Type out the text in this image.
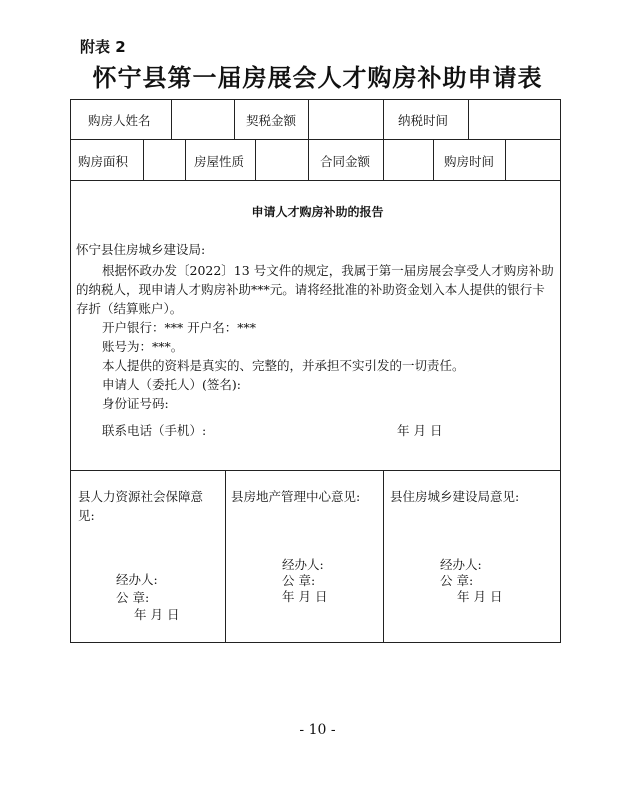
附表 2
怀宁县第一届房展会人才购房补助申请表
购房人姓名	契税金额	纳税时间
购房面积	房屋性质	合同金额	购房时间
申请人才购房补助的报告
怀宁县住房城乡建设局:
根据怀政办发〔2022〕13 号文件的规定，我属于第一届房展会享受人才购房补助
的纳税人，现申请人才购房补助***元。请将经批准的补助资金划入本人提供的银行卡
存折（结算账户）。
开户银行：*** 开户名：***
账号为：***。
本人提供的资料是真实的、完整的，并承担不实引发的一切责任。
申请人（委托人）(签名):
身份证号码:
联系电话（手机）:	年 月 日
县人力资源社会保障意
见:
经办人:
公 章:
年 月 日
县房地产管理中心意见:
经办人:
公 章:
年 月 日
县住房城乡建设局意见:
经办人:
公 章:
年 月 日
- 10 -
